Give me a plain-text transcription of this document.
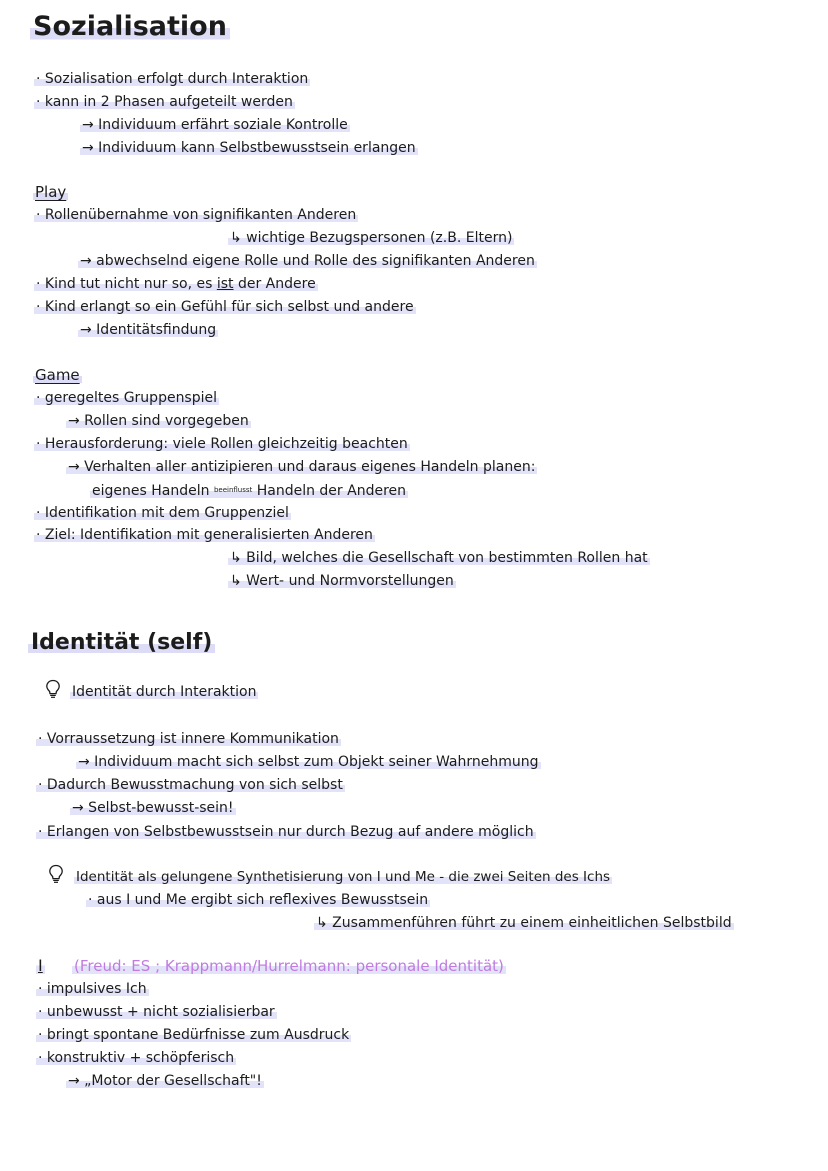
Sozialisation
· Sozialisation erfolgt durch Interaktion
· kann in 2 Phasen aufgeteilt werden
→ Individuum erfährt soziale Kontrolle
→ Individuum kann Selbstbewusstsein erlangen
Play
· Rollenübernahme von signifikanten Anderen
↳ wichtige Bezugspersonen (z.B. Eltern)
→ abwechselnd eigene Rolle und Rolle des signifikanten Anderen
· Kind tut nicht nur so, es ist der Andere
· Kind erlangt so ein Gefühl für sich selbst und andere
→ Identitätsfindung
Game
· geregeltes Gruppenspiel
→ Rollen sind vorgegeben
· Herausforderung: viele Rollen gleichzeitig beachten
→ Verhalten aller antizipieren und daraus eigenes Handeln planen:
eigenes Handeln $^{beeinflusst}$ Handeln der Anderen
· Identifikation mit dem Gruppenziel
· Ziel: Identifikation mit generalisierten Anderen
↳ Bild, welches die Gesellschaft von bestimmten Rollen hat
↳ Wert- und Normvorstellungen
Identität (self)
Identität durch Interaktion
· Vorraussetzung ist innere Kommunikation
→ Individuum macht sich selbst zum Objekt seiner Wahrnehmung
· Dadurch Bewusstmachung von sich selbst
→ Selbst-bewusst-sein!
· Erlangen von Selbstbewusstsein nur durch Bezug auf andere möglich
Identität als gelungene Synthetisierung von I und Me - die zwei Seiten des Ichs
· aus I und Me ergibt sich reflexives Bewusstsein
↳ Zusammenführen führt zu einem einheitlichen Selbstbild
I (Freud: ES ; Krappmann/Hurrelmann: personale Identität)
· impulsives Ich
· unbewusst + nicht sozialisierbar
· bringt spontane Bedürfnisse zum Ausdruck
· konstruktiv + schöpferisch
→ „Motor der Gesellschaft"!
